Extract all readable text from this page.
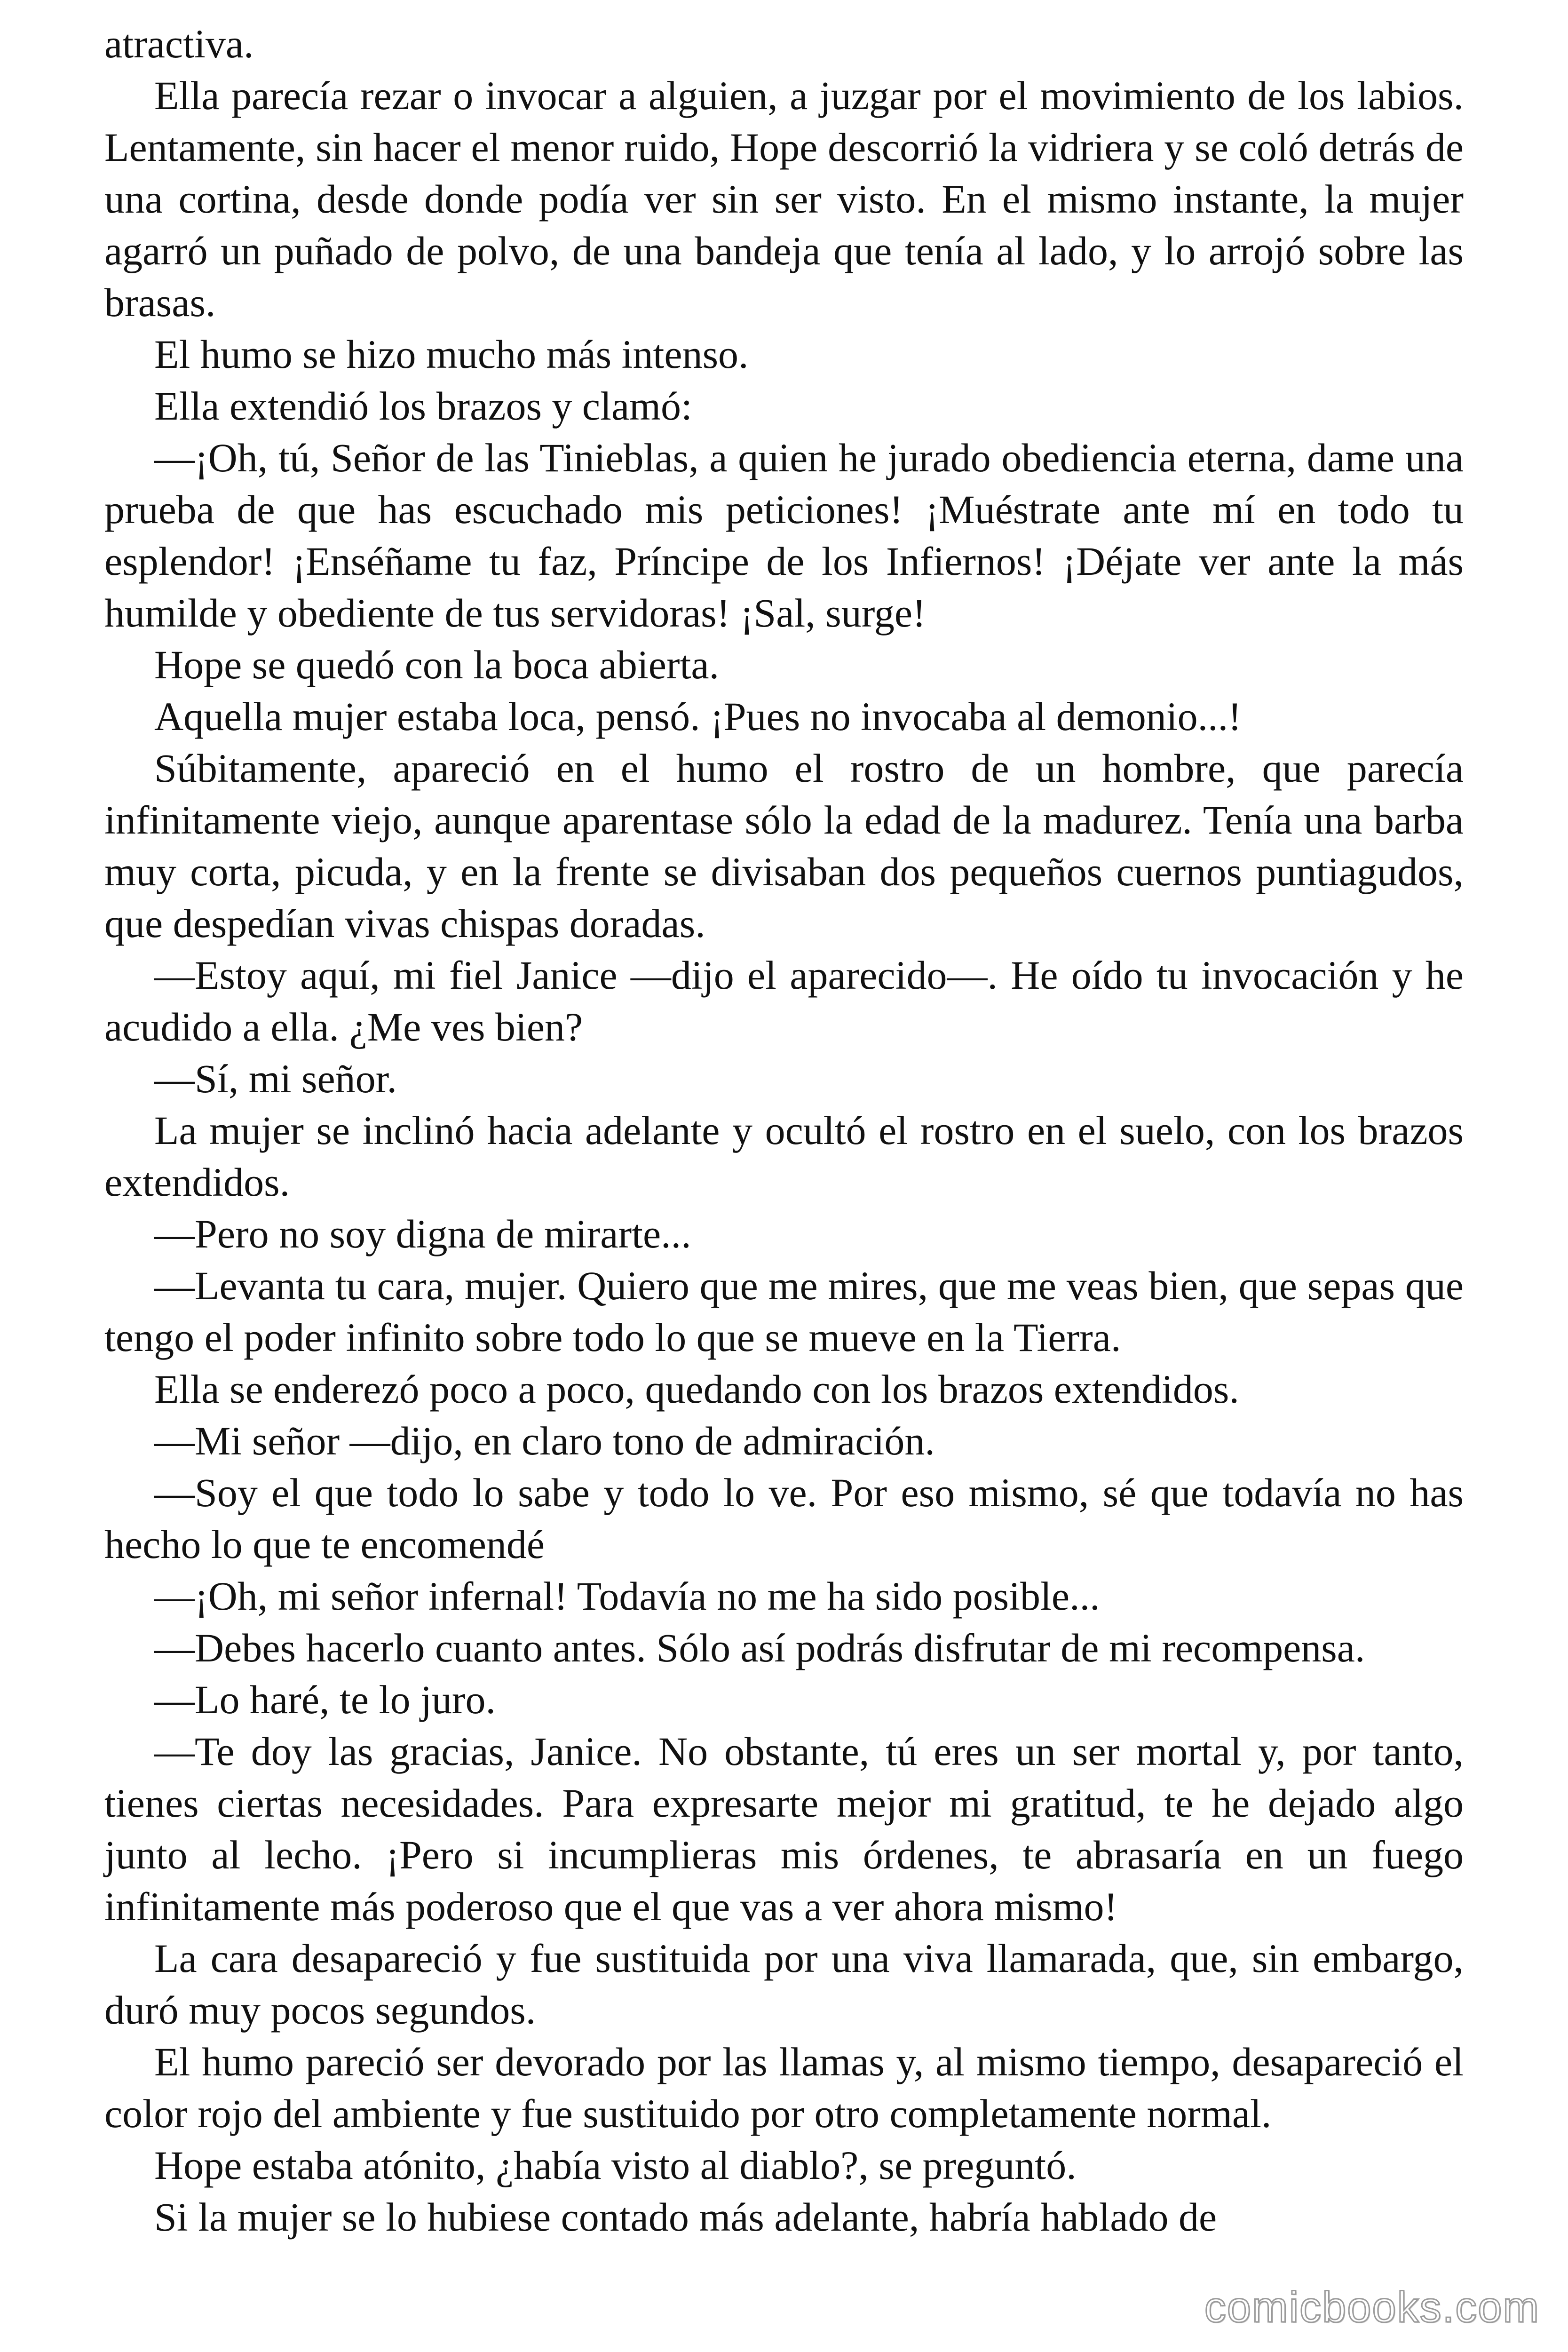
atractiva.

Ella parecía rezar o invocar a alguien, a juzgar por el movimiento de los labios. Lentamente, sin hacer el menor ruido, Hope descorrió la vidriera y se coló detrás de una cortina, desde donde podía ver sin ser visto. En el mismo instante, la mujer agarró un puñado de polvo, de una bandeja que tenía al lado, y lo arrojó sobre las brasas.

El humo se hizo mucho más intenso.

Ella extendió los brazos y clamó:

—¡Oh, tú, Señor de las Tinieblas, a quien he jurado obediencia eterna, dame una prueba de que has escuchado mis peticiones! ¡Muéstrate ante mí en todo tu esplendor! ¡Enséñame tu faz, Príncipe de los Infiernos! ¡Déjate ver ante la más humilde y obediente de tus servidoras! ¡Sal, surge!

Hope se quedó con la boca abierta.

Aquella mujer estaba loca, pensó. ¡Pues no invocaba al demonio...!

Súbitamente, apareció en el humo el rostro de un hombre, que parecía infinitamente viejo, aunque aparentase sólo la edad de la madurez. Tenía una barba muy corta, picuda, y en la frente se divisaban dos pequeños cuernos puntiagudos, que despedían vivas chispas doradas.

—Estoy aquí, mi fiel Janice —dijo el aparecido—. He oído tu invocación y he acudido a ella. ¿Me ves bien?

—Sí, mi señor.

La mujer se inclinó hacia adelante y ocultó el rostro en el suelo, con los brazos extendidos.

—Pero no soy digna de mirarte...

—Levanta tu cara, mujer. Quiero que me mires, que me veas bien, que sepas que tengo el poder infinito sobre todo lo que se mueve en la Tierra.

Ella se enderezó poco a poco, quedando con los brazos extendidos.

—Mi señor —dijo, en claro tono de admiración.

—Soy el que todo lo sabe y todo lo ve. Por eso mismo, sé que todavía no has hecho lo que te encomendé

—¡Oh, mi señor infernal! Todavía no me ha sido posible...

—Debes hacerlo cuanto antes. Sólo así podrás disfrutar de mi recompensa.

—Lo haré, te lo juro.

—Te doy las gracias, Janice. No obstante, tú eres un ser mortal y, por tanto, tienes ciertas necesidades. Para expresarte mejor mi gratitud, te he dejado algo junto al lecho. ¡Pero si incumplieras mis órdenes, te abrasaría en un fuego infinitamente más poderoso que el que vas a ver ahora mismo!

La cara desapareció y fue sustituida por una viva llamarada, que, sin embargo, duró muy pocos segundos.

El humo pareció ser devorado por las llamas y, al mismo tiempo, desapareció el color rojo del ambiente y fue sustituido por otro completamente normal.

Hope estaba atónito, ¿había visto al diablo?, se preguntó.

Si la mujer se lo hubiese contado más adelante, habría hablado de

comicbooks.com
